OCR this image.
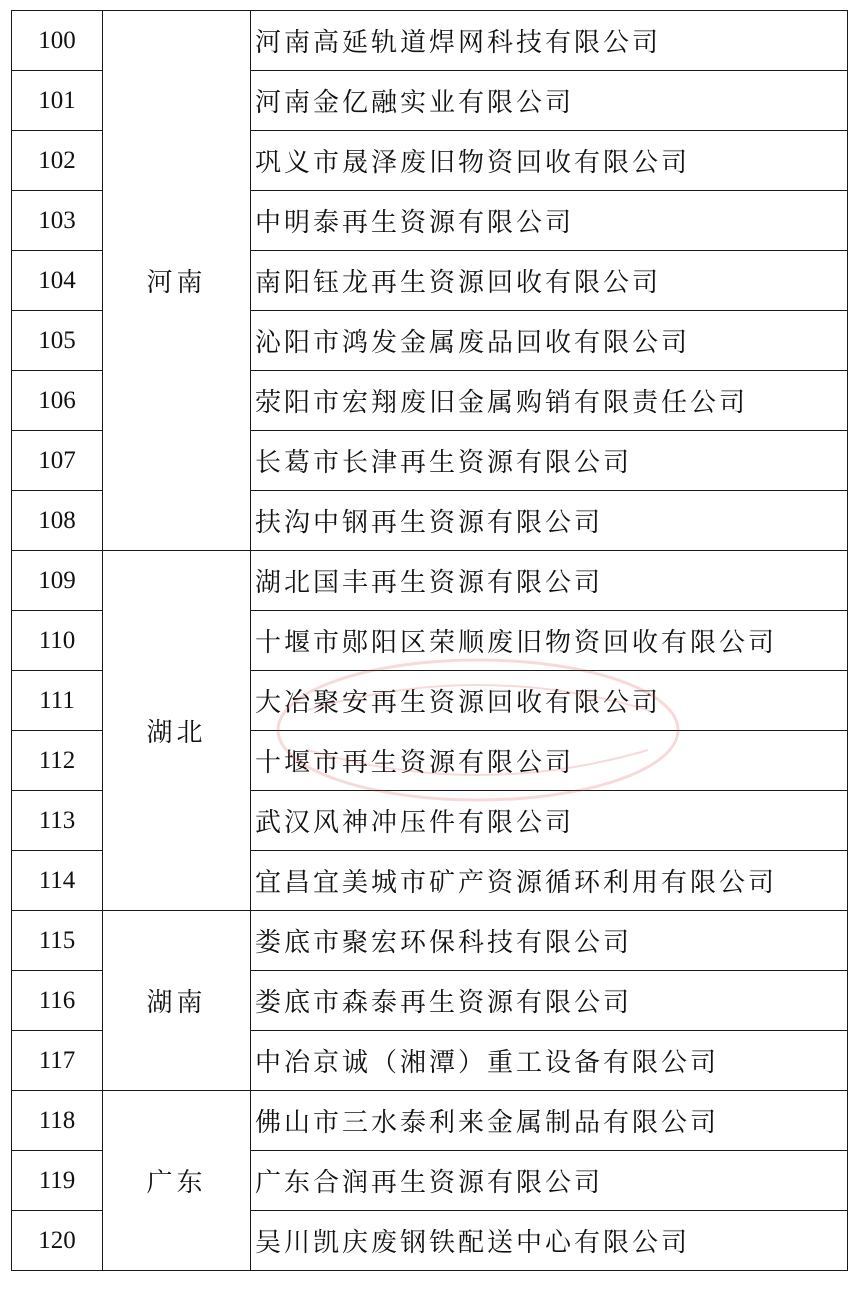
100	河南	河南高延轨道焊网科技有限公司
101		河南金亿融实业有限公司
102		巩义市晟泽废旧物资回收有限公司
103		中明泰再生资源有限公司
104		南阳钰龙再生资源回收有限公司
105		沁阳市鸿发金属废品回收有限公司
106		荥阳市宏翔废旧金属购销有限责任公司
107		长葛市长津再生资源有限公司
108		扶沟中钢再生资源有限公司
109	湖北	湖北国丰再生资源有限公司
110		十堰市郧阳区荣顺废旧物资回收有限公司
111		大冶聚安再生资源回收有限公司
112		十堰市再生资源有限公司
113		武汉风神冲压件有限公司
114		宜昌宜美城市矿产资源循环利用有限公司
115	湖南	娄底市聚宏环保科技有限公司
116		娄底市森泰再生资源有限公司
117		中冶京诚（湘潭）重工设备有限公司
118	广东	佛山市三水泰利来金属制品有限公司
119		广东合润再生资源有限公司
120		吴川凯庆废钢铁配送中心有限公司
